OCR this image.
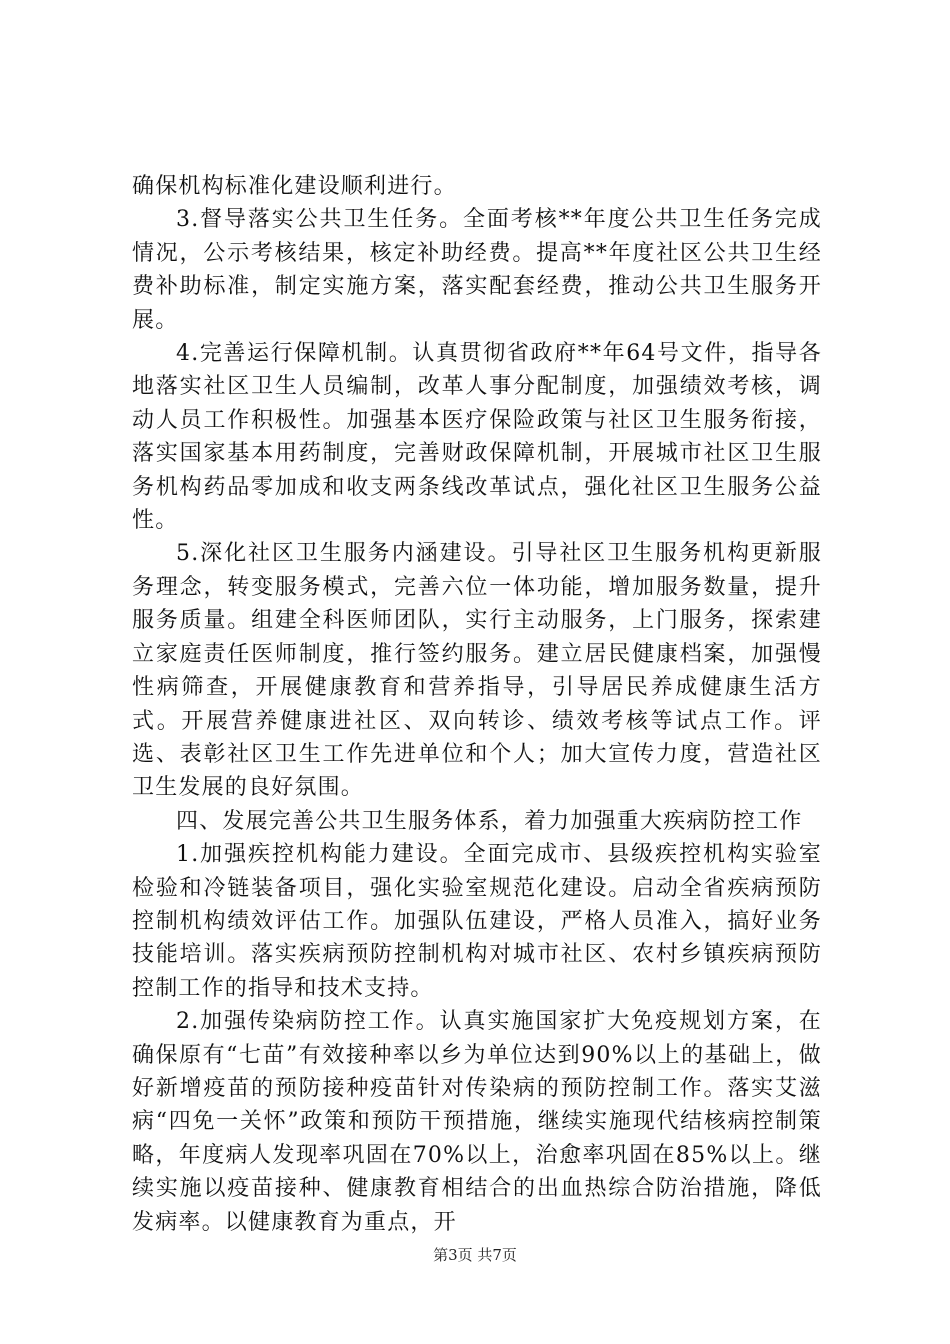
确保机构标准化建设顺利进行。

3.督导落实公共卫生任务。全面考核**年度公共卫生任务完成情况，公示考核结果，核定补助经费。提高**年度社区公共卫生经费补助标准，制定实施方案，落实配套经费，推动公共卫生服务开展。

4.完善运行保障机制。认真贯彻省政府**年64号文件，指导各地落实社区卫生人员编制，改革人事分配制度，加强绩效考核，调动人员工作积极性。加强基本医疗保险政策与社区卫生服务衔接，落实国家基本用药制度，完善财政保障机制，开展城市社区卫生服务机构药品零加成和收支两条线改革试点，强化社区卫生服务公益性。

5.深化社区卫生服务内涵建设。引导社区卫生服务机构更新服务理念，转变服务模式，完善六位一体功能，增加服务数量，提升服务质量。组建全科医师团队，实行主动服务，上门服务，探索建立家庭责任医师制度，推行签约服务。建立居民健康档案，加强慢性病筛查，开展健康教育和营养指导，引导居民养成健康生活方式。开展营养健康进社区、双向转诊、绩效考核等试点工作。评选、表彰社区卫生工作先进单位和个人；加大宣传力度，营造社区卫生发展的良好氛围。

四、发展完善公共卫生服务体系，着力加强重大疾病防控工作

1.加强疾控机构能力建设。全面完成市、县级疾控机构实验室检验和冷链装备项目，强化实验室规范化建设。启动全省疾病预防控制机构绩效评估工作。加强队伍建设，严格人员准入，搞好业务技能培训。落实疾病预防控制机构对城市社区、农村乡镇疾病预防控制工作的指导和技术支持。

2.加强传染病防控工作。认真实施国家扩大免疫规划方案，在确保原有“七苗”有效接种率以乡为单位达到90%以上的基础上，做好新增疫苗的预防接种疫苗针对传染病的预防控制工作。落实艾滋病“四免一关怀”政策和预防干预措施，继续实施现代结核病控制策略，年度病人发现率巩固在70%以上，治愈率巩固在85%以上。继续实施以疫苗接种、健康教育相结合的出血热综合防治措施，降低发病率。以健康教育为重点，开

第3页 共7页
